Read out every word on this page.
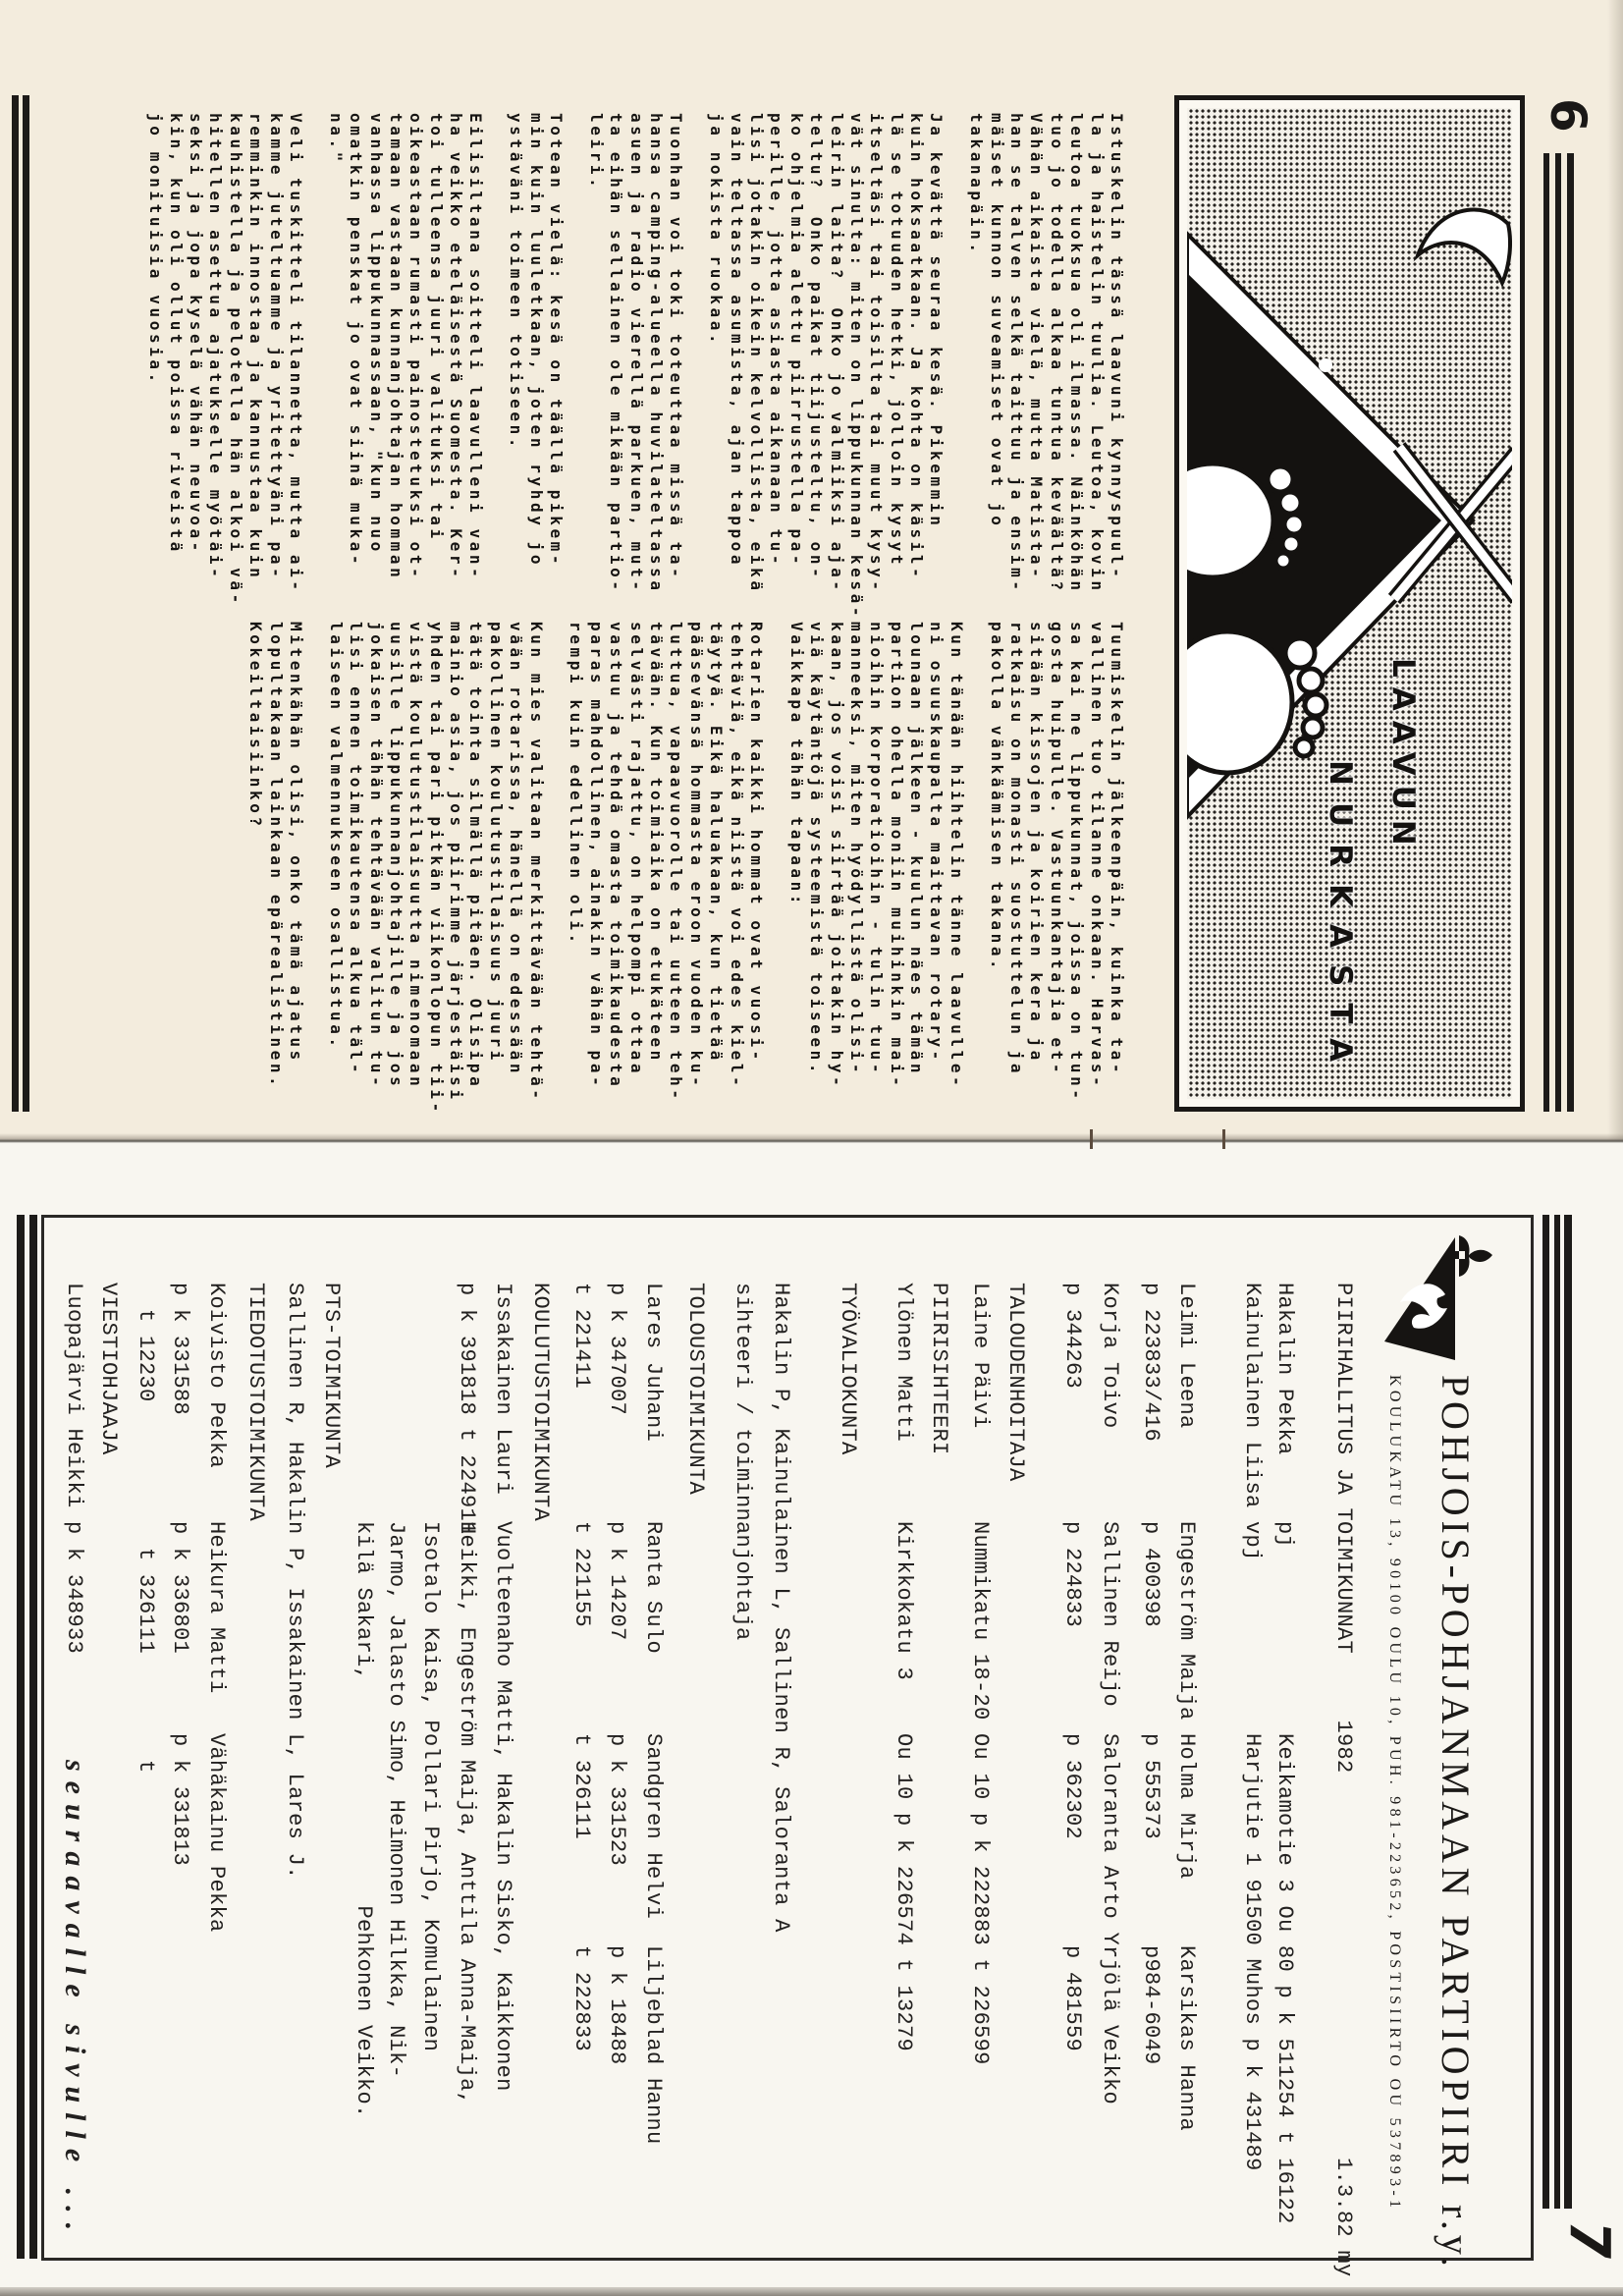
6
LAAVUN
NURKASTA
Istuskelin tässä laavuni kynnyspuul-
la ja haistelin tuulia. Leutoa, kovin
leutoa tuoksua oli ilmassa. Näinköhän
tuo jo todella alkaa tuntua keväältä?
Vähän aikaista vielä, mutta Matista-
han se talven selkä taittuu ja ensim-
mäiset kunnon suveamiset ovat jo
takanapäin.
Ja kevättä seuraa kesä. Pikemmin
kuin hoksaatkaan. Ja kohta on käsil-
lä se totuuden hetki, jolloin kysyt
itseltäsi tai toisilta tai muut kysy-
vät sinulta: miten on lippukunnan kesä-
leirin laita?  Onko jo valmiiksi aja-
teltu?  Onko paikat tiijusteltu, on-
ko ohjelmia alettu piirrustella pa-
perille, jotta asiasta aikanaan tu-
lisi jotakin oikein kelvollista, eikä
vain teltassa asumista, ajan tappoa
ja nokista ruokaa.
Tuonhan voi toki toteuttaa missä ta-
hansa camping-alueella huvilateltassa
asuen ja radio vierellä parkuen, mut-
ta eihän sellainen ole mikään partio-
leiri.
Totean vielä: kesä on täällä pikem-
min kuin luuletkaan, joten ryhdy jo
ystäväni toimeen totiseen.
Eilisiltana soitteli laavulleni van-
ha veikko eteläisestä Suomesta. Ker-
toi tulleensa juuri valituksi tai
oikeastaan rumasti painostetuksi ot-
tamaan vastaan kunnanjohtajan homman
vanhassa lippukunnassaan, "kun nuo
omatkin penskat jo ovat siinä muka-
na."
Veli tuskitteli tilannetta, mutta ai-
kamme juteltuamme ja yritettyäni pa-
remminkin innostaa ja kannustaa kuin
kauhistella ja pelotella hän alkoi vä-
hitellen asettua ajatukselle myötäi-
seksi ja jopa kyselä vähän neuvoa-
kin, kun oli ollut poissa riveistä
jo monituisia vuosia.
Tuumiskelin jälkeenpäin, kuinka ta-
vallinen tuo tilanne onkaan. Harvas-
sa kai ne lippukunnat, joissa on tun-
gosta huipulle. Vastuunkantajia et-
sitään kissojen ja koirien kera ja
ratkaisu on monasti suostuttelun ja
pakolla vänkäämisen takana.
Kun tänään hiihtelin tänne laavulle-
ni osuuskaupalta maittavan rotary-
lounaan jälkeen - kuulun näes tämän
partion ohella moniin muihinkin mai-
nioihin korporatioihin - tulin tuu-
manneeksi, miten hyödyllistä olisi-
kaan, jos voisi siirtää joitakin hy-
viä käytäntöjä systeemistä toiseen.
Vaikkapa tähän tapaan:
Rotarien kaikki hommat ovat vuosi-
tehtäviä, eikä niistä voi edes kiel-
täytyä. Eikä haluakaan, kun tietää
pääsevänsä hommasta eroon vuoden ku-
luttua, vapaavuorolle tai uuteen teh-
tävään. Kun toimiaika on etukäteen
selvästi rajattu, on helpompi ottaa
vastuu ja tehdä omasta toimikaudesta
paras mahdollinen, ainakin vähän pa-
rempi kuin edellinen oli.
Kun mies valitaan merkittävään tehtä-
vään rotarissa, hänellä on edessään
pakollinen koulutustilaisuus juuri
tätä tointa silmällä pitäen. Olisipa
mainio asia, jos piirimme järjestäisi
yhden tai pari pitkän viikonlopun tii-
vistä koulutustilaisuutta nimenomaan
uusille lippukunnanjohtajille ja jos
jokaisen tähän tehtävään valitun tu-
lisi ennen toimikautensa alkua täl-
laiseen valmennukseen osallistua.
Mitenkähän olisi, onko tämä ajatus
lopultakaan lainkaan epärealistinen.
Kokeiltaisiinko?
7
POHJOIS-POHJANMAAN PARTIOPIIRI r.y.
KOULUKATU 13, 90100 OULU 10, PUH. 981-223652, POSTISIIRTO OU 537893-1
PIIRIHALLITUS JA TOIMIKUNNAT
1982
1.3.82 my
Hakalin Pekka
pj
Keikamotie 3 Ou 80 p k 511254 t 16122
Kainulainen Liisa vpj
Harjutie 1 91500 Muhos p k 431489
Leimi Leena
Engeström Maija
Holma Mirja
Karsikas Hanna
p 223833/416
p 400398
p 555373
p984-6049
Korja Toivo
Sallinen Reijo
Saloranta Arto Yrjölä Veikko
p 344263
p 224833
p 362302
p 481559
TALOUDENHOITAJA
Laine Päivi
Nummikatu 18-20 Ou 10 p k 222883 t 226599
PIIRISIHTEERI
Ylönen Matti
Kirkkokatu 3
Ou 10 p k 226574 t 13279
TYÖVALIOKUNTA
Hakalin P, Kainulainen L, Sallinen R, Saloranta A
sihteeri / toiminnanjohtaja
TOLOUSTOIMIKUNTA
Lares Juhani
Ranta Sulo
Sandgren Helvi
Liljeblad Hannu
p k 347007
p k 14207
p k 331523
p k 18488
t 221411
t 221155
t 326111
t 222833
KOULUTUSTOIMIKUNTA
Issakainen Lauri
Vuolteenaho Matti, Hakalin Sisko, Kaikkonen
p k 391818 t 224911
Heikki, Engeström Maija, Anttila Anna-Maija,
Isotalo Kaisa, Pollari Pirjo, Komulainen
Jarmo, Jalasto Simo, Heimonen Hilkka, Nik-
kilä Sakari,
Pehkonen Veikko.
PTS-TOIMIKUNTA
Sallinen R, Hakalin P, Issakainen L, Lares J.
TIEDOTUSTOIMIKUNTA
Koivisto Pekka
Heikura Matti
Vähäkainu Pekka
p k 331588
p k 336801
p k 331813
t 12230
t 326111
t
VIESTIOHJAAJA
Luopajärvi Heikki
p k 348933
seuraavalle sivulle ...
